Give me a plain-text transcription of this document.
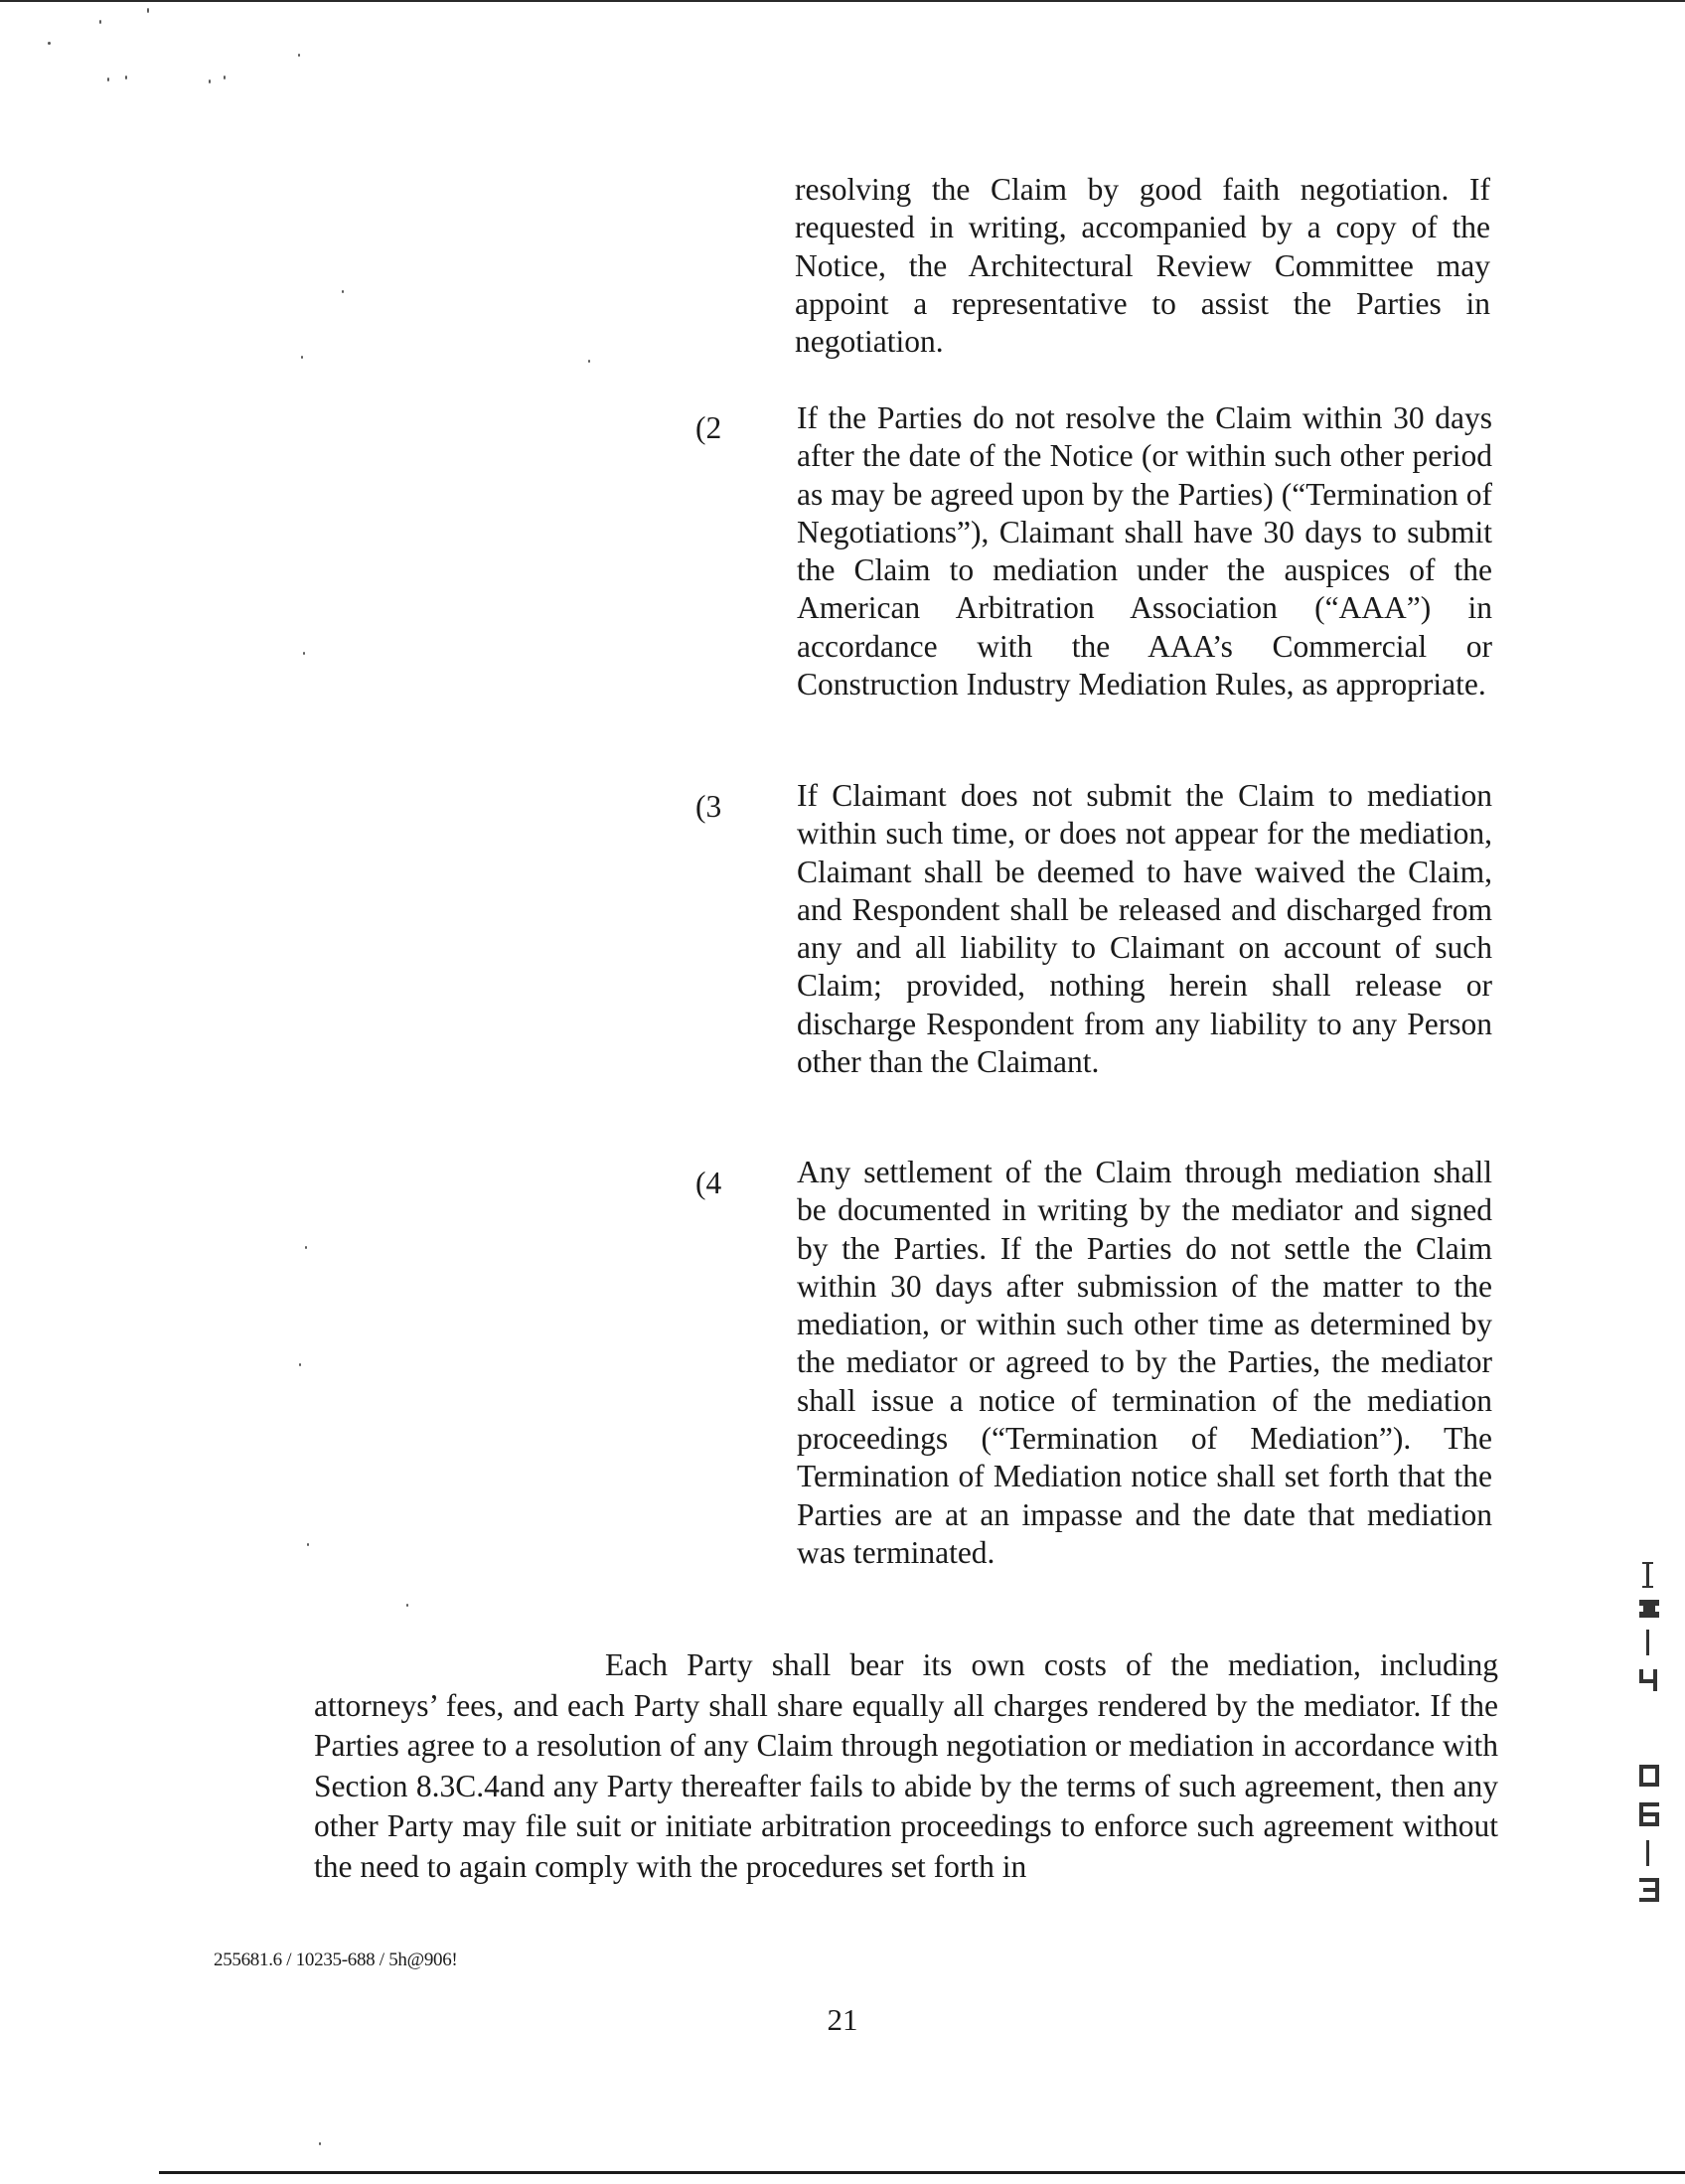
resolving the Claim by good faith negotiation. If requested in writing, accompanied by a copy of the Notice, the Architectural Review Committee may appoint a representative to assist the Parties in negotiation.
(2 If the Parties do not resolve the Claim within 30 days after the date of the Notice (or within such other period as may be agreed upon by the Parties) (“Termination of Negotiations”), Claimant shall have 30 days to submit the Claim to mediation under the auspices of the American Arbitration Association (“AAA”) in accordance with the AAA’s Commercial or Construction Industry Mediation Rules, as appropriate.
(3 If Claimant does not submit the Claim to mediation within such time, or does not appear for the mediation, Claimant shall be deemed to have waived the Claim, and Respondent shall be released and discharged from any and all liability to Claimant on account of such Claim; provided, nothing herein shall release or discharge Respondent from any liability to any Person other than the Claimant.
(4 Any settlement of the Claim through mediation shall be documented in writing by the mediator and signed by the Parties. If the Parties do not settle the Claim within 30 days after submission of the matter to the mediation, or within such other time as determined by the mediator or agreed to by the Parties, the mediator shall issue a notice of termination of the mediation proceedings (“Termination of Mediation”). The Termination of Mediation notice shall set forth that the Parties are at an impasse and the date that mediation was terminated.
Each Party shall bear its own costs of the mediation, including attorneys’ fees, and each Party shall share equally all charges rendered by the mediator. If the Parties agree to a resolution of any Claim through negotiation or mediation in accordance with Section 8.3C.4and any Party thereafter fails to abide by the terms of such agreement, then any other Party may file suit or initiate arbitration proceedings to enforce such agreement without the need to again comply with the procedures set forth in
255681.6 / 10235-688 / 5h@906!
21
